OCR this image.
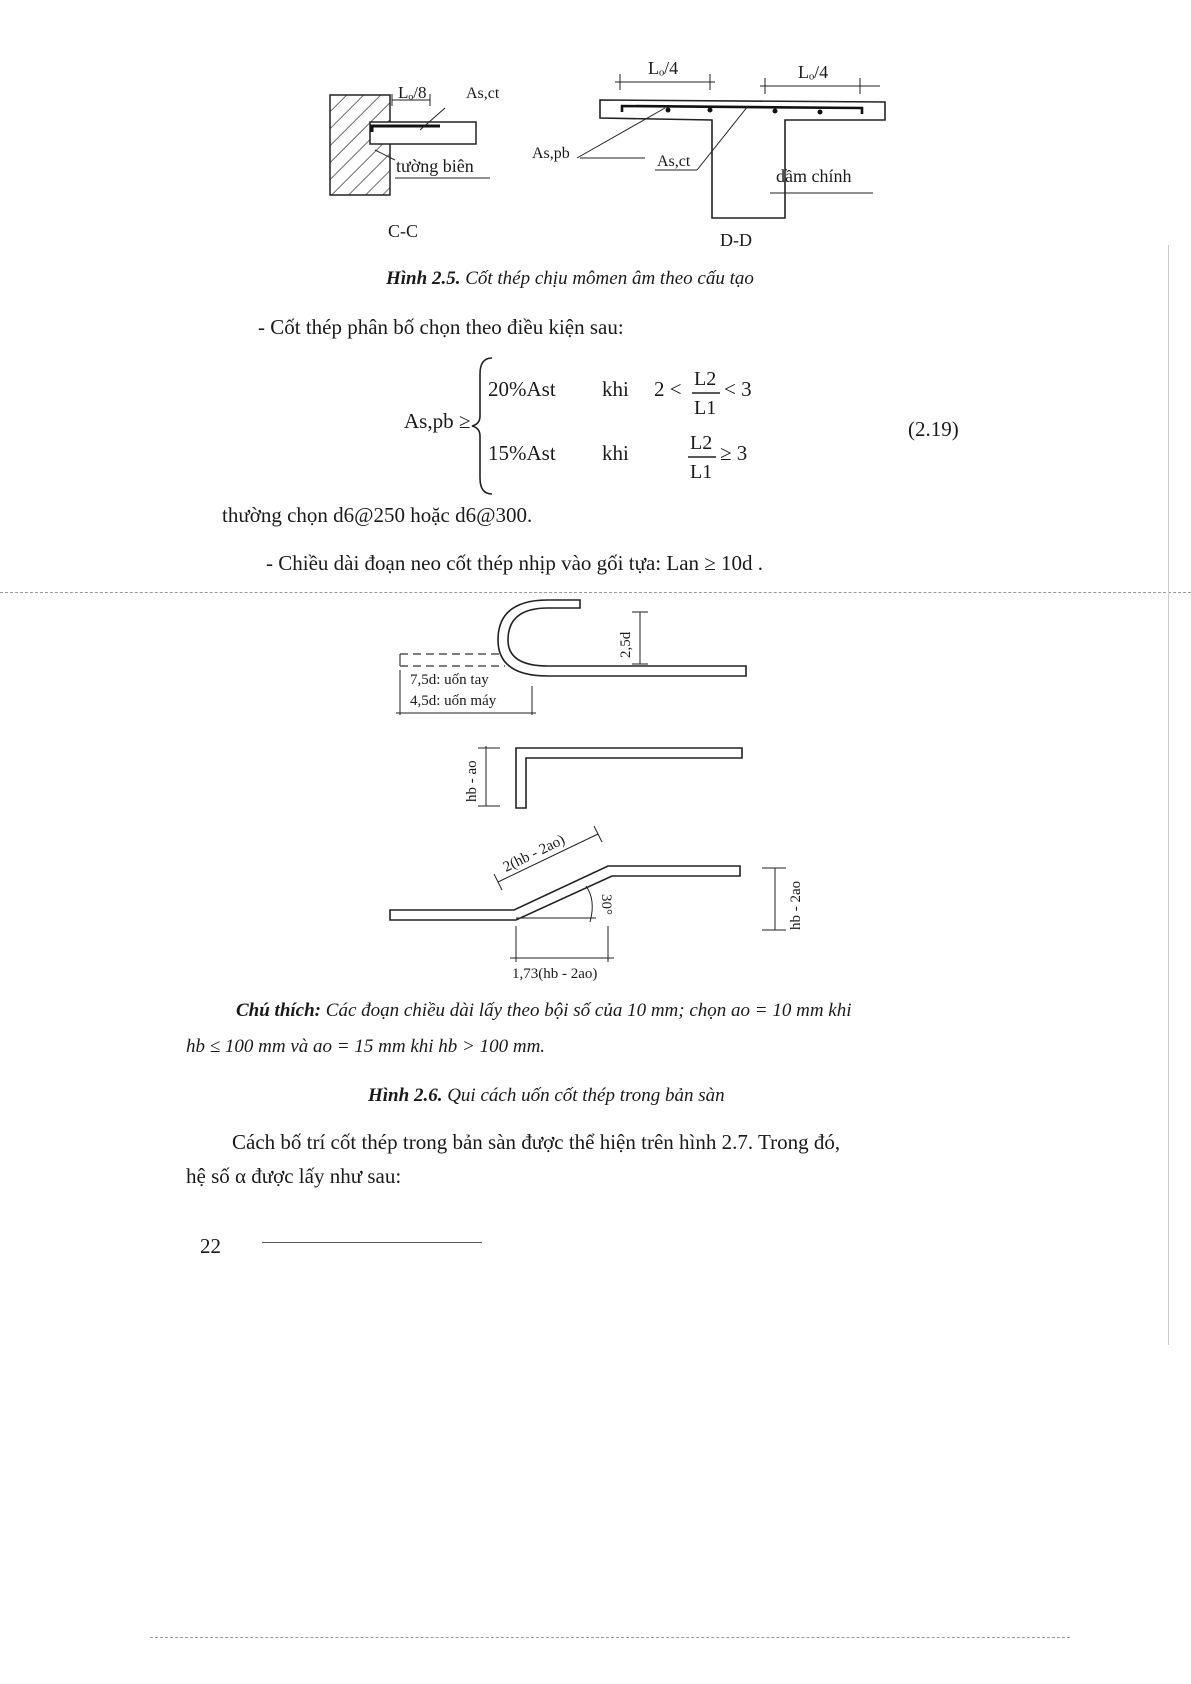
Lₒ/8 As,ct
tường biên
C-C
Lₒ/4	Lₒ/4
As,pb	As,ct
dầm chính
D-D
Hình 2.5. Cốt thép chịu mômen âm theo cấu tạo
- Cốt thép phân bố chọn theo điều kiện sau:
As,pb ≥
20%Ast khi 2 < L2
L1
< 3
15%Ast khi	L2
L1
≥ 3
(2.19)
thường chọn d6@250 hoặc d6@300.
- Chiều dài đoạn neo cốt thép nhịp vào gối tựa: Lan ≥ 10d .
2,5d
7,5d: uốn tay
4,5d: uốn máy
hb - ao
2(hb - 2ao)
30°	hb - 2ao
1,73(hb - 2ao)
Chú thích: Các đoạn chiều dài lấy theo bội số của 10 mm; chọn ao = 10 mm khi
hb ≤ 100 mm và ao = 15 mm khi hb > 100 mm.
Hình 2.6. Qui cách uốn cốt thép trong bản sàn
Cách bố trí cốt thép trong bản sàn được thể hiện trên hình 2.7. Trong đó,
hệ số α được lấy như sau:
22
